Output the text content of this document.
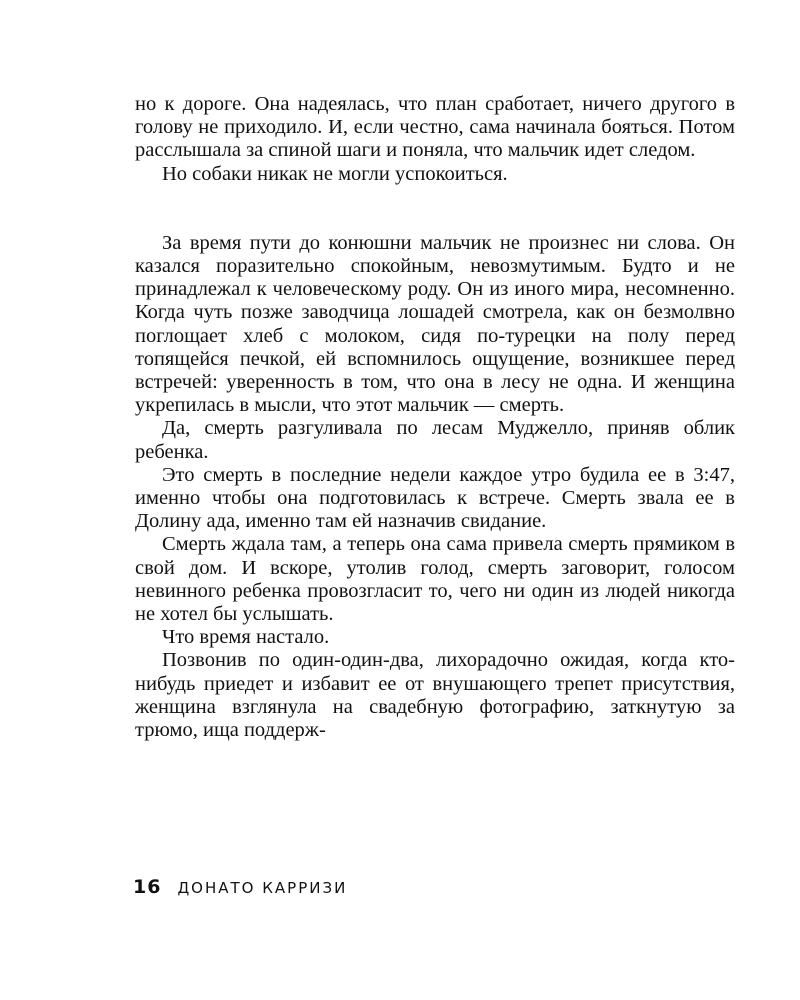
но к дороге. Она надеялась, что план сработает, ничего другого в голову не приходило. И, если честно, сама начинала бояться. Потом расслышала за спиной шаги и поняла, что мальчик идет следом.

Но собаки никак не могли успокоиться.

За время пути до конюшни мальчик не произнес ни слова. Он казался поразительно спокойным, невозмутимым. Будто и не принадлежал к человеческому роду. Он из иного мира, несомненно. Когда чуть позже заводчица лошадей смотрела, как он безмолвно поглощает хлеб с молоком, сидя по-турецки на полу перед топящейся печкой, ей вспомнилось ощущение, возникшее перед встречей: уверенность в том, что она в лесу не одна. И женщина укрепилась в мысли, что этот мальчик — смерть.

Да, смерть разгуливала по лесам Муджелло, приняв облик ребенка.

Это смерть в последние недели каждое утро будила ее в 3:47, именно чтобы она подготовилась к встрече. Смерть звала ее в Долину ада, именно там ей назначив свидание.

Смерть ждала там, а теперь она сама привела смерть прямиком в свой дом. И вскоре, утолив голод, смерть заговорит, голосом невинного ребенка провозгласит то, чего ни один из людей никогда не хотел бы услышать.

Что время настало.

Позвонив по один-один-два, лихорадочно ожидая, когда кто-нибудь приедет и избавит ее от внушающего трепет присутствия, женщина взглянула на свадебную фотографию, заткнутую за трюмо, ища поддерж-

16 ДОНАТО КАРРИЗИ
